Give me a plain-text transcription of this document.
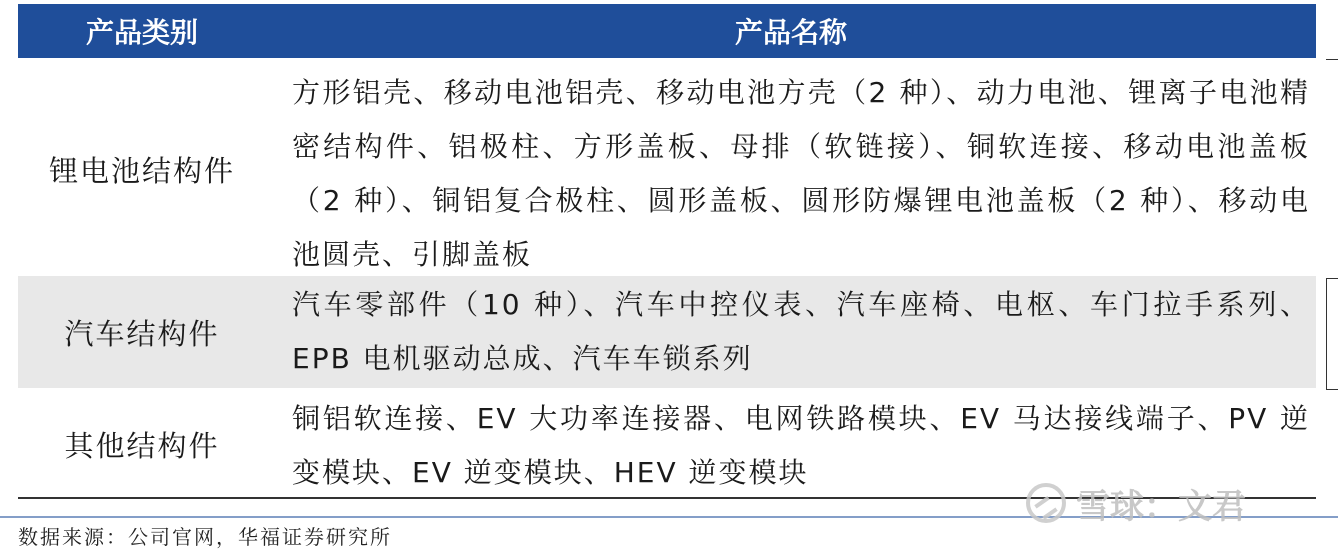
产品类别	产品名称
锂电池结构件
方形铝壳、移动电池铝壳、移动电池方壳（2 种）、动力电池、锂离子电池精密结构件、铝极柱、方形盖板、母排（软链接）、铜软连接、移动电池盖板（2 种）、铜铝复合极柱、圆形盖板、圆形防爆锂电池盖板（2 种）、移动电池圆壳、引脚盖板
汽车结构件
汽车零部件（10 种）、汽车中控仪表、汽车座椅、电枢、车门拉手系列、EPB 电机驱动总成、汽车车锁系列
其他结构件
铜铝软连接、EV 大功率连接器、电网铁路模块、EV 马达接线端子、PV 逆变模块、EV 逆变模块、HEV 逆变模块
数据来源：公司官网，华福证券研究所
雪球：文君
